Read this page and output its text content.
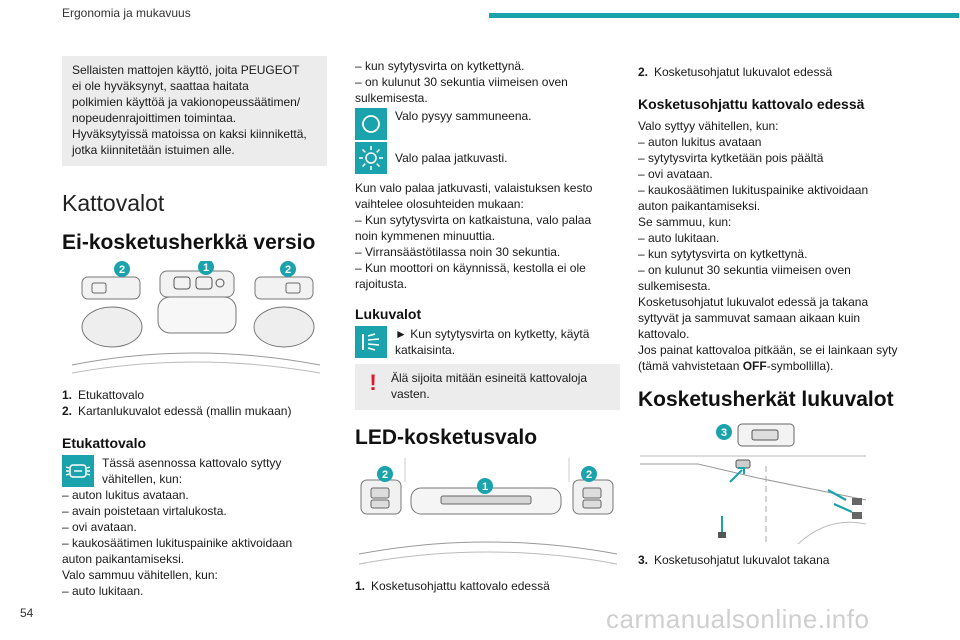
Ergonomia ja mukavuus

Sellaisten mattojen käyttö, joita PEUGEOT

ei ole hyväksynyt, saattaa haitata

polkimien käyttöä ja vakionopeussäätimen/

nopeudenrajoittimen toimintaa.

Hyväksytyissä matoissa on kaksi kiinnikettä,

jotka kiinnitetään istuimen alle.

Kattovalot
Ei-kosketusherkkä versio
2	1	2
1. Etukattovalo
2. Kartanlukuvalot edessä (mallin mukaan)
Etukattovalo

Tässä asennossa kattovalo syttyy

vähitellen, kun:

– auton lukitus avataan.

– avain poistetaan virtalukosta.

– ovi avataan.

– kaukosäätimen lukituspainike aktivoidaan

auton paikantamiseksi.

Valo sammuu vähitellen, kun:

– auto lukitaan.

– kun sytytysvirta on kytkettynä.

– on kulunut 30 sekuntia viimeisen oven

sulkemisesta.

Valo pysyy sammuneena.

Valo palaa jatkuvasti.

Kun valo palaa jatkuvasti, valaistuksen kesto

vaihtelee olosuhteiden mukaan:

– Kun sytytysvirta on katkaistuna, valo palaa

noin kymmenen minuuttia.

– Virransäästötilassa noin 30 sekuntia.

– Kun moottori on käynnissä, kestolla ei ole

rajoitusta.

Lukuvalot

► Kun sytytysvirta on kytketty, käytä

katkaisinta.

!	Älä sijoita mitään esineitä kattovaloja

vasten.

LED-kosketusvalo
2
1
2
1. Kosketusohjattu kattovalo edessä
2. Kosketusohjatut lukuvalot edessä
Kosketusohjattu kattovalo edessä

Valo syttyy vähitellen, kun:

– auton lukitus avataan

– sytytysvirta kytketään pois päältä

– ovi avataan.

– kaukosäätimen lukituspainike aktivoidaan

auton paikantamiseksi.

Se sammuu, kun:

– auto lukitaan.

– kun sytytysvirta on kytkettynä.

– on kulunut 30 sekuntia viimeisen oven

sulkemisesta.

Kosketusohjatut lukuvalot edessä ja takana

syttyvät ja sammuvat samaan aikaan kuin

kattovalo.

Jos painat kattovaloa pitkään, se ei lainkaan syty

(tämä vahvistetaan OFF-symbollilla).

Kosketusherkät lukuvalot
3
3. Kosketusohjatut lukuvalot takana
54	carmanualsonline.info
